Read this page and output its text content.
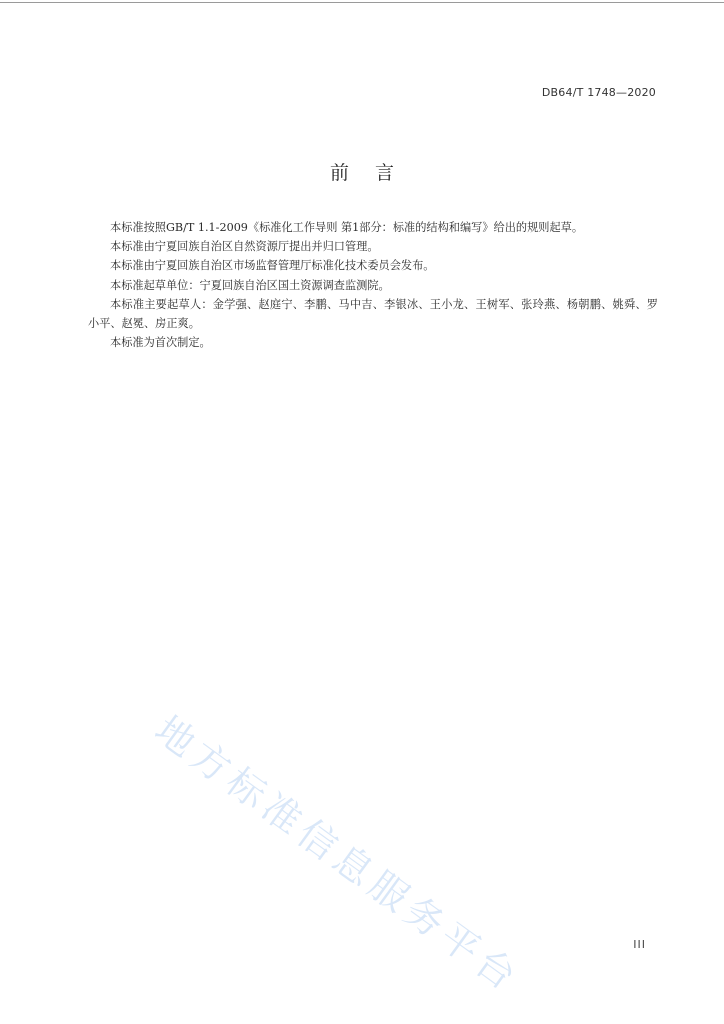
DB64/T 1748—2020
前言

本标准按照GB/T 1.1-2009《标准化工作导则 第1部分：标准的结构和编写》给出的规则起草。

本标准由宁夏回族自治区自然资源厅提出并归口管理。

本标准由宁夏回族自治区市场监督管理厅标准化技术委员会发布。

本标准起草单位：宁夏回族自治区国土资源调查监测院。

本标准主要起草人：金学强、赵庭宁、李鹏、马中吉、李银冰、王小龙、王树军、张玲燕、杨朝鹏、姚舜、罗小平、赵冕、房正爽。

本标准为首次制定。

地方标准信息服务平台	III
